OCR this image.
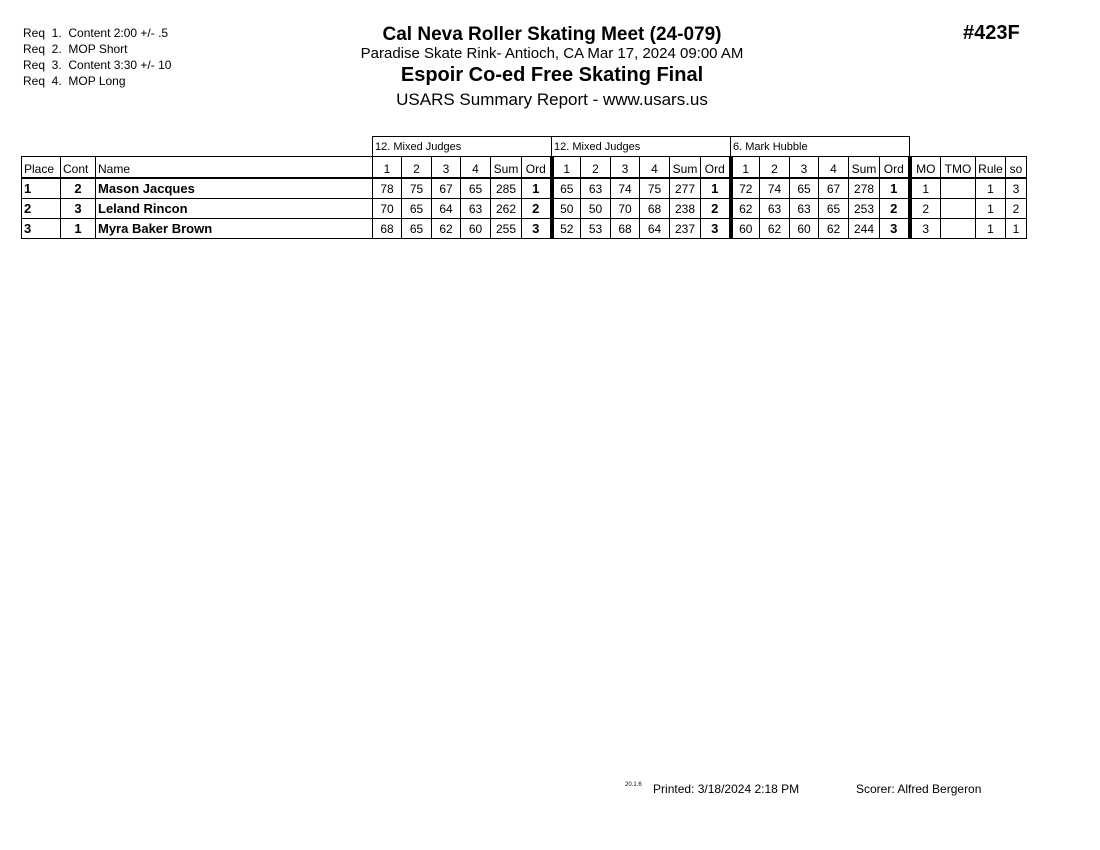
Req  1. Content 2:00 +/- .5
Req  2. MOP Short
Req  3. Content 3:30 +/- 10
Req  4. MOP Long
Cal Neva Roller Skating Meet (24-079)
Paradise Skate Rink- Antioch, CA Mar 17, 2024 09:00 AM
Espoir Co-ed Free Skating Final
USARS Summary Report - www.usars.us
#423F
			12. Mixed Judges						12. Mixed Judges						6. Mark Hubble									
Place	Cont	Name	1	2	3	4	Sum	Ord	1	2	3	4	Sum	Ord	1	2	3	4	Sum	Ord	MO	TMO	Rule	so
1	2	Mason Jacques	78	75	67	65	285	1	65	63	74	75	277	1	72	74	65	67	278	1	1		1	3
2	3	Leland Rincon	70	65	64	63	262	2	50	50	70	68	238	2	62	63	63	65	253	2	2		1	2
3	1	Myra Baker Brown	68	65	62	60	255	3	52	53	68	64	237	3	60	62	60	62	244	3	3		1	1
$^{20.1.6}$ Printed: 3/18/2024 2:18 PM	Scorer: Alfred Bergeron
